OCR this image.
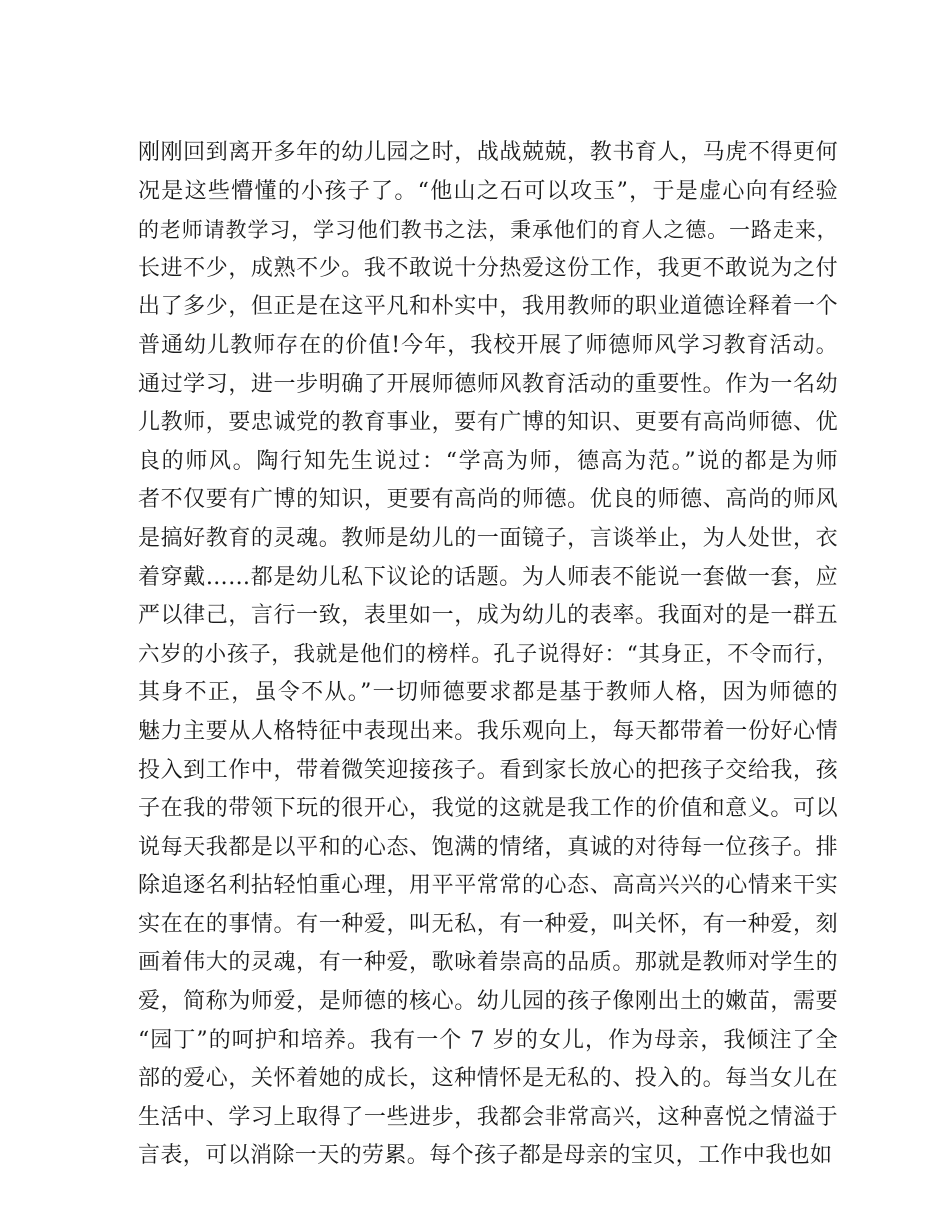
刚刚回到离开多年的幼儿园之时，战战兢兢，教书育人，马虎不得更何
况是这些懵懂的小孩子了。“他山之石可以攻玉”，于是虚心向有经验
的老师请教学习，学习他们教书之法，秉承他们的育人之德。一路走来，
长进不少，成熟不少。我不敢说十分热爱这份工作，我更不敢说为之付
出了多少，但正是在这平凡和朴实中，我用教师的职业道德诠释着一个
普通幼儿教师存在的价值!今年，我校开展了师德师风学习教育活动。
通过学习，进一步明确了开展师德师风教育活动的重要性。作为一名幼
儿教师，要忠诚党的教育事业，要有广博的知识、更要有高尚师德、优
良的师风。陶行知先生说过：“学高为师，德高为范。”说的都是为师
者不仅要有广博的知识，更要有高尚的师德。优良的师德、高尚的师风
是搞好教育的灵魂。教师是幼儿的一面镜子，言谈举止，为人处世，衣
着穿戴……都是幼儿私下议论的话题。为人师表不能说一套做一套，应
严以律己，言行一致，表里如一，成为幼儿的表率。我面对的是一群五
六岁的小孩子，我就是他们的榜样。孔子说得好：“其身正，不令而行，
其身不正，虽令不从。”一切师德要求都是基于教师人格，因为师德的
魅力主要从人格特征中表现出来。我乐观向上，每天都带着一份好心情
投入到工作中，带着微笑迎接孩子。看到家长放心的把孩子交给我，孩
子在我的带领下玩的很开心，我觉的这就是我工作的价值和意义。可以
说每天我都是以平和的心态、饱满的情绪，真诚的对待每一位孩子。排
除追逐名利拈轻怕重心理，用平平常常的心态、高高兴兴的心情来干实
实在在的事情。有一种爱，叫无私，有一种爱，叫关怀，有一种爱，刻
画着伟大的灵魂，有一种爱，歌咏着崇高的品质。那就是教师对学生的
爱，简称为师爱，是师德的核心。幼儿园的孩子像刚出土的嫩苗，需要
“园丁”的呵护和培养。我有一个 7 岁的女儿，作为母亲，我倾注了全
部的爱心，关怀着她的成长，这种情怀是无私的、投入的。每当女儿在
生活中、学习上取得了一些进步，我都会非常高兴，这种喜悦之情溢于
言表，可以消除一天的劳累。每个孩子都是母亲的宝贝，工作中我也如
